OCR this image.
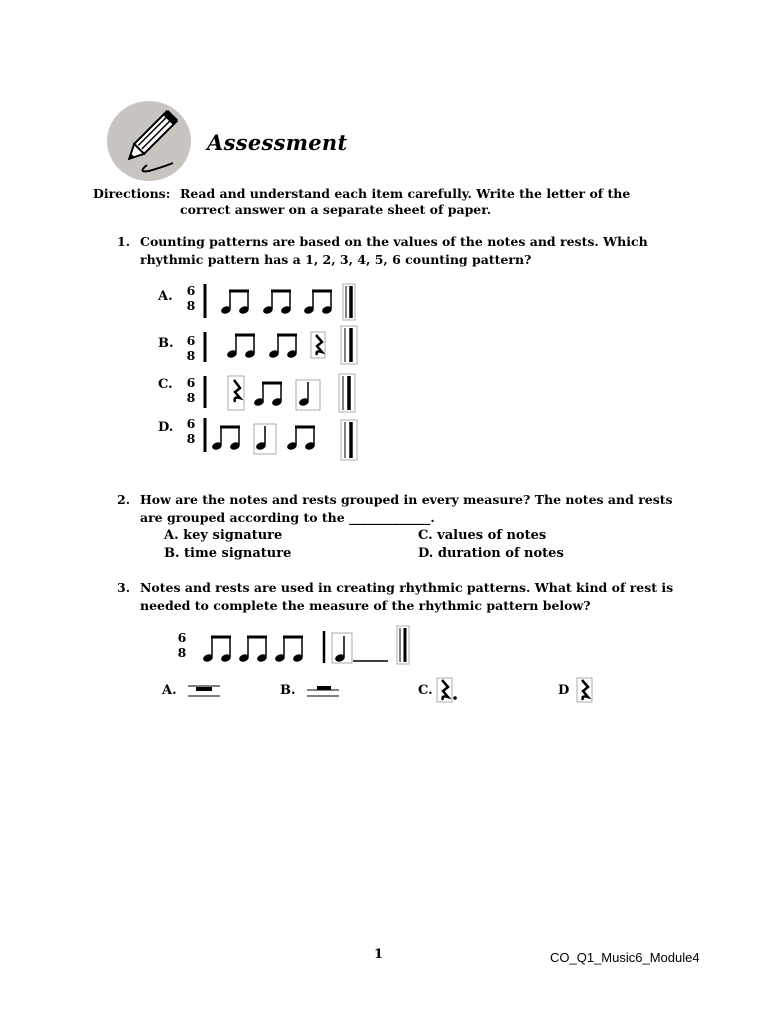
Assessment
Directions: Read and understand each item carefully. Write the letter of the
correct answer on a separate sheet of paper.
1. Counting patterns are based on the values of the notes and rests. Which
rhythmic pattern has a 1, 2, 3, 4, 5, 6 counting pattern?
A. 6
8
B. 6
8
C. 6
8
D. 6
8
2. How are the notes and rests grouped in every measure? The notes and rests
are grouped according to the _____________.
A. key signature
B. time signature
C. values of notes
D. duration of notes
3. Notes and rests are used in creating rhythmic patterns. What kind of rest is
needed to complete the measure of the rhythmic pattern below?
6
8
A.	B.	C.	D
1	CO_Q1_Music6_Module4
